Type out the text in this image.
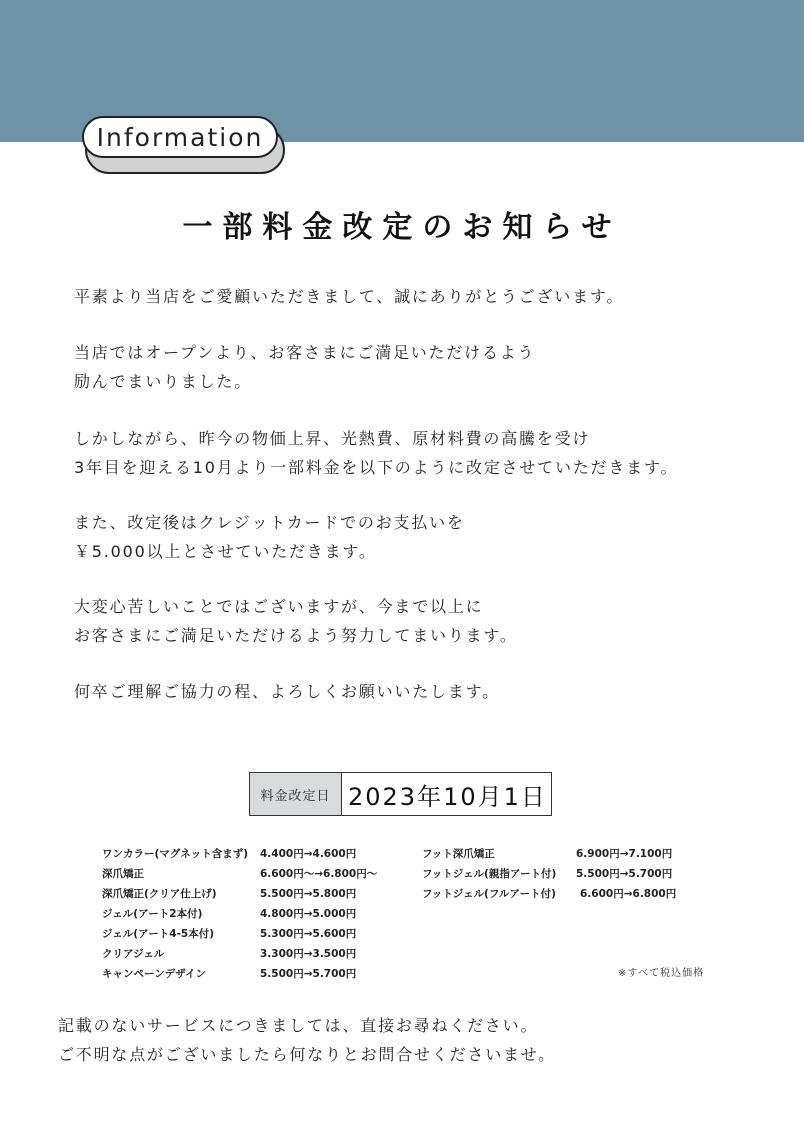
Information
一部料金改定のお知らせ
平素より当店をご愛顧いただきまして、誠にありがとうございます。
当店ではオープンより、お客さまにご満足いただけるよう
励んでまいりました。
しかしながら、昨今の物価上昇、光熱費、原材料費の高騰を受け
3年目を迎える10月より一部料金を以下のように改定させていただきます。
また、改定後はクレジットカードでのお支払いを
￥5.000以上とさせていただきます。
大変心苦しいことではございますが、今まで以上に
お客さまにご満足いただけるよう努力してまいります。
何卒ご理解ご協力の程、よろしくお願いいたします。
料金改定日 2023年10月1日
ワンカラー(マグネット含まず) 4.400円→4.600円
深爪矯正	6.600円〜→6.800円〜
深爪矯正(クリア仕上げ)	5.500円→5.800円
ジェル(アート2本付)	4.800円→5.000円
ジェル(アート4-5本付)	5.300円→5.600円
クリアジェル	3.300円→3.500円
キャンペーンデザイン	5.500円→5.700円
フット深爪矯正	6.900円→7.100円
フットジェル(親指アート付) 5.500円→5.700円
フットジェル(フルアート付) 6.600円→6.800円
※すべて税込価格
記載のないサービスにつきましては、直接お尋ねください。
ご不明な点がございましたら何なりとお問合せくださいませ。
